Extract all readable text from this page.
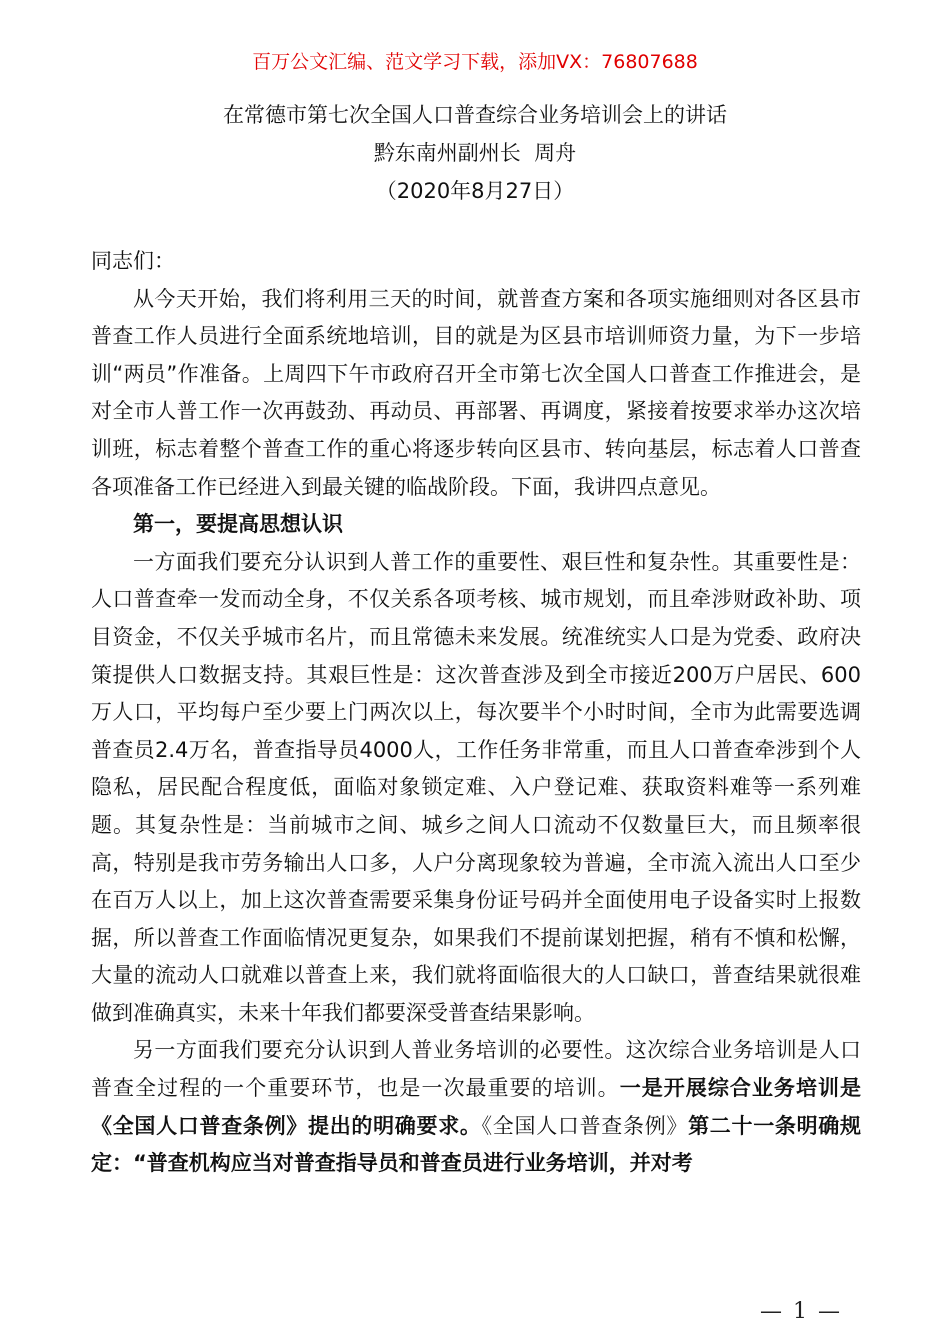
百万公文汇编、范文学习下载，添加VX：76807688
在常德市第七次全国人口普查综合业务培训会上的讲话
黔东南州副州长  周舟
（2020年8月27日）

同志们：

从今天开始，我们将利用三天的时间，就普查方案和各项实施细则对各区县市普查工作人员进行全面系统地培训，目的就是为区县市培训师资力量，为下一步培训“两员”作准备。上周四下午市政府召开全市第七次全国人口普查工作推进会，是对全市人普工作一次再鼓劲、再动员、再部署、再调度，紧接着按要求举办这次培训班，标志着整个普查工作的重心将逐步转向区县市、转向基层，标志着人口普查各项准备工作已经进入到最关键的临战阶段。下面，我讲四点意见。

第一，要提高思想认识

一方面我们要充分认识到人普工作的重要性、艰巨性和复杂性。其重要性是：人口普查牵一发而动全身，不仅关系各项考核、城市规划，而且牵涉财政补助、项目资金，不仅关乎城市名片，而且常德未来发展。统准统实人口是为党委、政府决策提供人口数据支持。其艰巨性是：这次普查涉及到全市接近200万户居民、600万人口，平均每户至少要上门两次以上，每次要半个小时时间，全市为此需要选调普查员2.4万名，普查指导员4000人，工作任务非常重，而且人口普查牵涉到个人隐私，居民配合程度低，面临对象锁定难、入户登记难、获取资料难等一系列难题。其复杂性是：当前城市之间、城乡之间人口流动不仅数量巨大，而且频率很高，特别是我市劳务输出人口多，人户分离现象较为普遍，全市流入流出人口至少在百万人以上，加上这次普查需要采集身份证号码并全面使用电子设备实时上报数据，所以普查工作面临情况更复杂，如果我们不提前谋划把握，稍有不慎和松懈，大量的流动人口就难以普查上来，我们就将面临很大的人口缺口，普查结果就很难做到准确真实，未来十年我们都要深受普查结果影响。

另一方面我们要充分认识到人普业务培训的必要性。这次综合业务培训是人口普查全过程的一个重要环节，也是一次最重要的培训。一是开展综合业务培训是《全国人口普查条例》提出的明确要求。《全国人口普查条例》第二十一条明确规定：“普查机构应当对普查指导员和普查员进行业务培训，并对考

— 1 —
